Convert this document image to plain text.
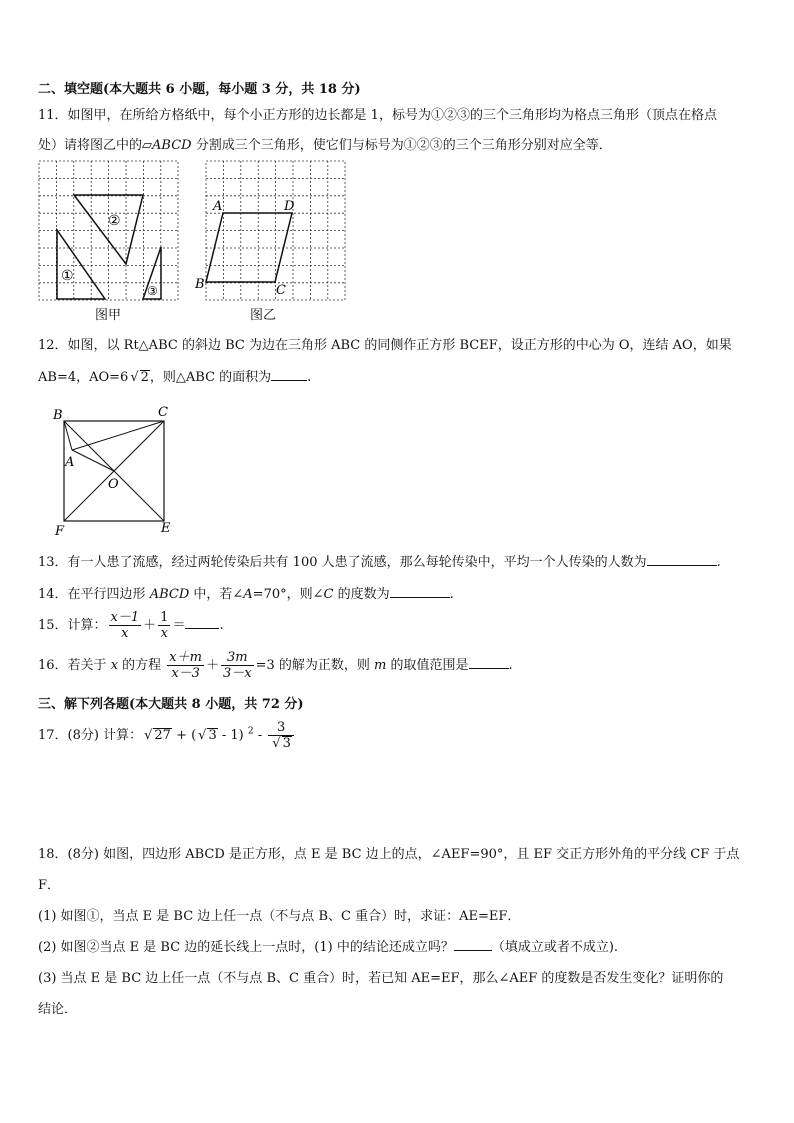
二、填空题(本大题共 6 小题，每小题 3 分，共 18 分)
11．如图甲，在所给方格纸中，每个小正方形的边长都是 1，标号为①②③的三个三角形均为格点三角形（顶点在格点
处）请将图乙中的▱ABCD 分割成三个三角形，使它们与标号为①②③的三个三角形分别对应全等．
①
②
③
图甲
A	D
B	C
图乙
12．如图，以 Rt△ABC 的斜边 BC 为边在三角形 ABC 的同侧作正方形 BCEF，设正方形的中心为 O，连结 AO，如果
AB=4，AO=6 √ 2，则△ABC 的面积为	.
B	C
A
O
F	E
13．有一人患了流感，经过两轮传染后共有 100 人患了流感，那么每轮传染中，平均一个人传染的人数为	.
14．在平行四边形 ABCD 中，若∠A=70°，则∠C 的度数为	.
15．计算： $\frac{x-1}{x} + \frac{1}{x}$ ＝	.
16．若关于 x 的方程 $\frac{x+m}{x-3} + \frac{3m}{3-x} =3$ 的解为正数，则 m 的取值范围是	.
三、解下列各题(本大题共 8 小题，共 72 分)
17．(8分) 计算： √ 27 + ( √ 3 - 1) $^2 - \frac{3}{√ 3}$
18．(8分) 如图，四边形 ABCD 是正方形，点 E 是 BC 边上的点，∠AEF=90°，且 EF 交正方形外角的平分线 CF 于点
F．
(1) 如图①，当点 E 是 BC 边上任一点（不与点 B、C 重合）时，求证：AE=EF．
(2) 如图②当点 E 是 BC 边的延长线上一点时，(1) 中的结论还成立吗？	（填成立或者不成立).
(3) 当点 E 是 BC 边上任一点（不与点 B、C 重合）时，若已知 AE=EF，那么∠AEF 的度数是否发生变化？证明你的
结论．
